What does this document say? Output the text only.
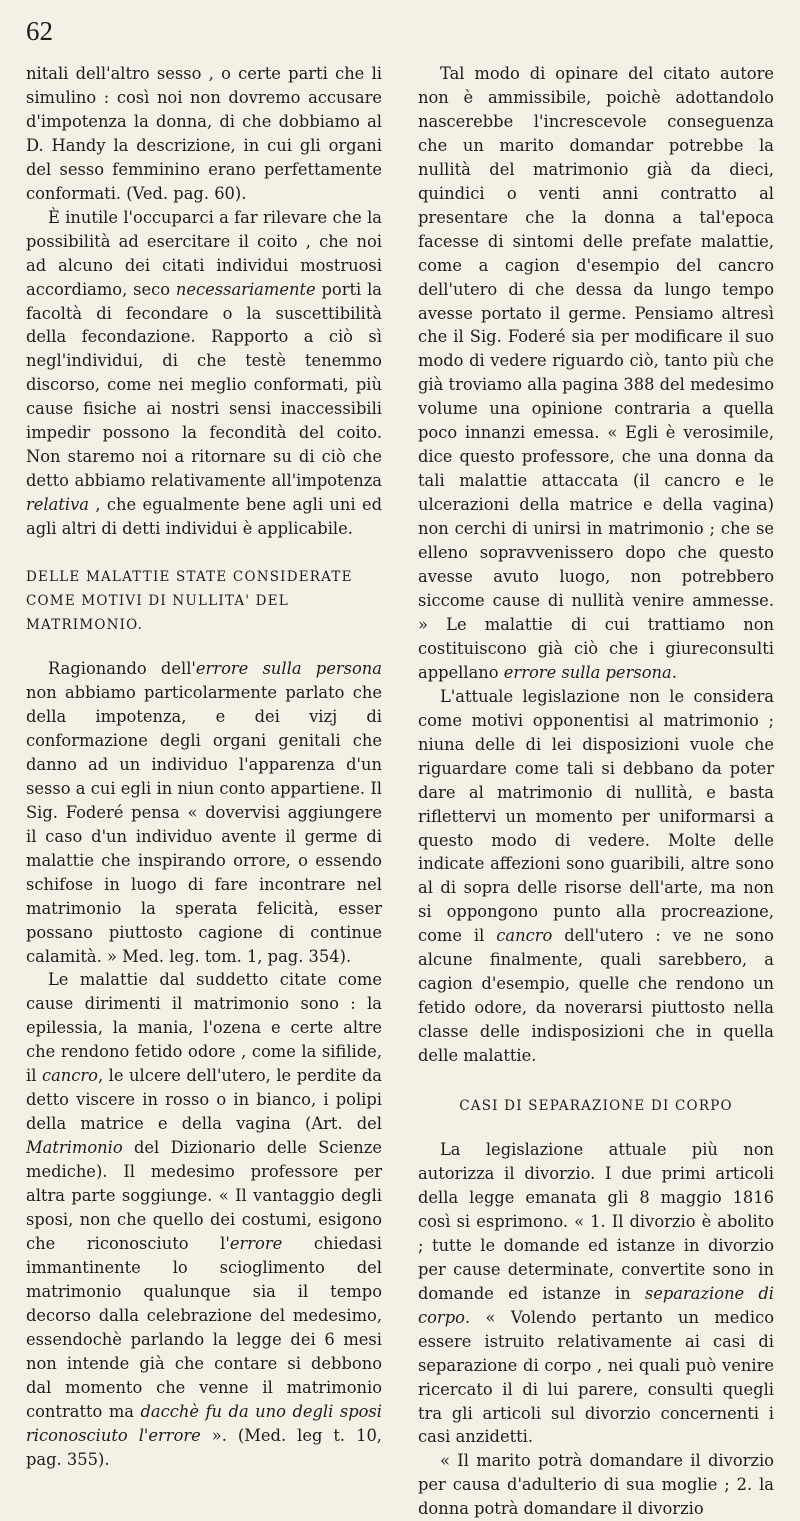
62

nitali dell'altro sesso , o certe parti che li simulino : così noi non dovremo accusare d'impotenza la donna, di che dobbiamo al D. Handy la descrizione, in cui gli organi del sesso femminino erano perfettamente conformati. (Ved. pag. 60).

È inutile l'occuparci a far rilevare che la possibilità ad esercitare il coito , che noi ad alcuno dei citati individui mostruosi accordiamo, seco necessariamente porti la facoltà di fecondare o la suscettibilità della fecondazione. Rapporto a ciò sì negl'individui, di che testè tenemmo discorso, come nei meglio conformati, più cause fisiche ai nostri sensi inaccessibili impedir possono la fecondità del coito. Non staremo noi a ritornare su di ciò che detto abbiamo relativamente all'impotenza relativa , che egualmente bene agli uni ed agli altri di detti individui è applicabile.

DELLE MALATTIE STATE CONSIDERATE COME MOTIVI DI NULLITA' DEL MATRIMONIO.

Ragionando dell'errore sulla persona non abbiamo particolarmente parlato che della impotenza, e dei vizj di conformazione degli organi genitali che danno ad un individuo l'apparenza d'un sesso a cui egli in niun conto appartiene. Il Sig. Foderé pensa « dovervisi aggiungere il caso d'un individuo avente il germe di malattie che inspirando orrore, o essendo schifose in luogo di fare incontrare nel matrimonio la sperata felicità, esser possano piuttosto cagione di continue calamità. » Med. leg. tom. 1, pag. 354).

Le malattie dal suddetto citate come cause dirimenti il matrimonio sono : la epilessia, la mania, l'ozena e certe altre che rendono fetido odore , come la sifilide, il cancro, le ulcere dell'utero, le perdite da detto viscere in rosso o in bianco, i polipi della matrice e della vagina (Art. del Matrimonio del Dizionario delle Scienze mediche). Il medesimo professore per altra parte soggiunge. « Il vantaggio degli sposi, non che quello dei costumi, esigono che riconosciuto l'errore chiedasi immantinente lo scioglimento del matrimonio qualunque sia il tempo decorso dalla celebrazione del medesimo, essendochè parlando la legge dei 6 mesi non intende già che contare si debbono dal momento che venne il matrimonio contratto ma dacchè fu da uno degli sposi riconosciuto l'errore ». (Med. leg t. 10, pag. 355).

Tal modo di opinare del citato autore non è ammissibile, poichè adottandolo nascerebbe l'increscevole conseguenza che un marito domandar potrebbe la nullità del matrimonio già da dieci, quindici o venti anni contratto al presentare che la donna a tal'epoca facesse di sintomi delle prefate malattie, come a cagion d'esempio del cancro dell'utero di che dessa da lungo tempo avesse portato il germe. Pensiamo altresì che il Sig. Foderé sia per modificare il suo modo di vedere riguardo ciò, tanto più che già troviamo alla pagina 388 del medesimo volume una opinione contraria a quella poco innanzi emessa. « Egli è verosimile, dice questo professore, che una donna da tali malattie attaccata (il cancro e le ulcerazioni della matrice e della vagina) non cerchi di unirsi in matrimonio ; che se elleno sopravvenissero dopo che questo avesse avuto luogo, non potrebbero siccome cause di nullità venire ammesse. » Le malattie di cui trattiamo non costituiscono già ciò che i giureconsulti appellano errore sulla persona.

L'attuale legislazione non le considera come motivi opponentisi al matrimonio ; niuna delle di lei disposizioni vuole che riguardare come tali si debbano da poter dare al matrimonio di nullità, e basta riflettervi un momento per uniformarsi a questo modo di vedere. Molte delle indicate affezioni sono guaribili, altre sono al di sopra delle risorse dell'arte, ma non si oppongono punto alla procreazione, come il cancro dell'utero : ve ne sono alcune finalmente, quali sarebbero, a cagion d'esempio, quelle che rendono un fetido odore, da noverarsi piuttosto nella classe delle indisposizioni che in quella delle malattie.

CASI DI SEPARAZIONE DI CORPO

La legislazione attuale più non autorizza il divorzio. I due primi articoli della legge emanata gli 8 maggio 1816 così si esprimono. « 1. Il divorzio è abolito ; tutte le domande ed istanze in divorzio per cause determinate, convertite sono in domande ed istanze in separazione di corpo. « Volendo pertanto un medico essere istruito relativamente ai casi di separazione di corpo , nei quali può venire ricercato il di lui parere, consulti quegli tra gli articoli sul divorzio concernenti i casi anzidetti.

« Il marito potrà domandare il divorzio per causa d'adulterio di sua moglie ; 2. la donna potrà domandare il divorzio
